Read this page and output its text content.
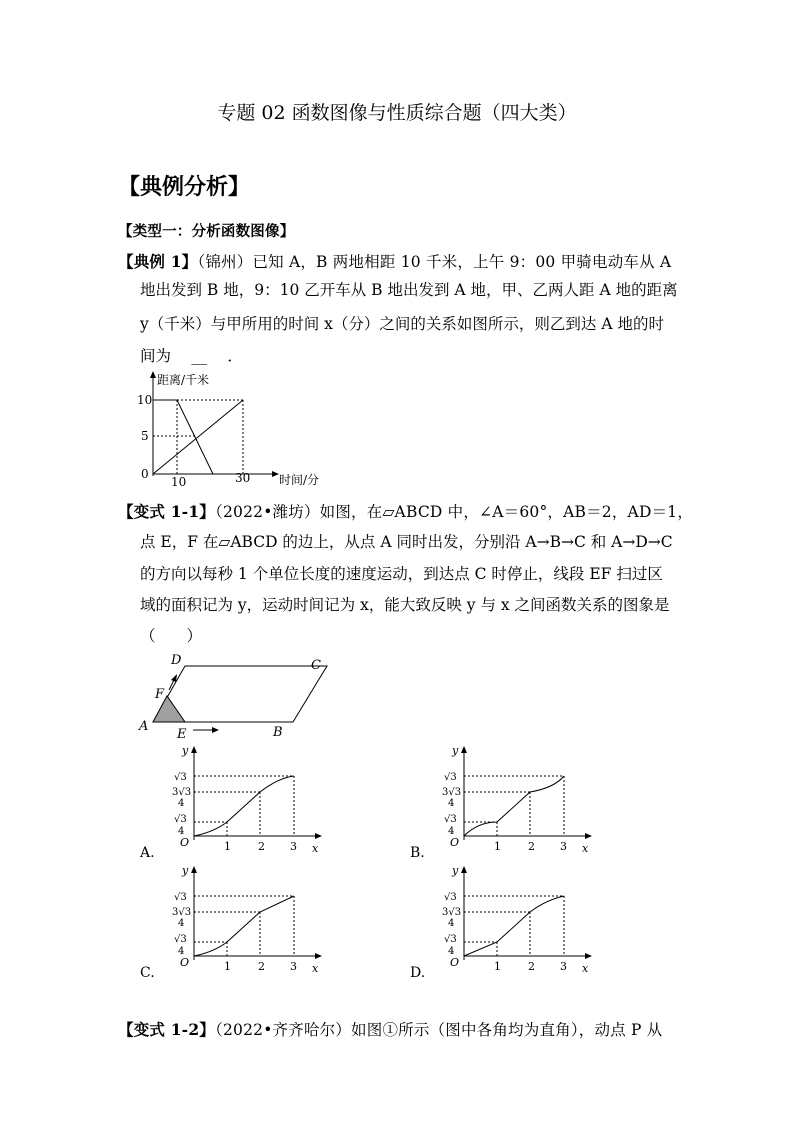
专题 02 函数图像与性质综合题（四大类）
【典例分析】
【类型一：分析函数图像】
【典例 1】（锦州）已知 A，B 两地相距 10 千米，上午 9：00 甲骑电动车从 A
地出发到 B 地，9：10 乙开车从 B 地出发到 A 地，甲、乙两人距 A 地的距离
y（千米）与甲所用的时间 x（分）之间的关系如图所示，则乙到达 A 地的时
间为 　__　 ．
距离/千米
时间/分
10
5
0
10	30
【变式 1-1】（2022•潍坊）如图，在▱ABCD 中，∠A＝60°，AB＝2，AD＝1，
点 E，F 在▱ABCD 的边上，从点 A 同时出发，分别沿 A→B→C 和 A→D→C
的方向以每秒 1 个单位长度的速度运动，到达点 C 时停止，线段 EF 扫过区
域的面积记为 y，运动时间记为 x，能大致反映 y 与 x 之间函数关系的图象是
（　　）
D	C
F
A
E	B
A.
y
x
O	1 2 3
√3
3√3
4
√3
4
B.
y
x
O	1 2 3
√3
3√3
4
√3
4
C.
y
x
O	1 2 3
√3
3√3
4
√3
4
D.
y
x
O	1 2 3
√3
3√3
4
√3
4
【变式 1-2】（2022•齐齐哈尔）如图①所示（图中各角均为直角），动点 P 从
